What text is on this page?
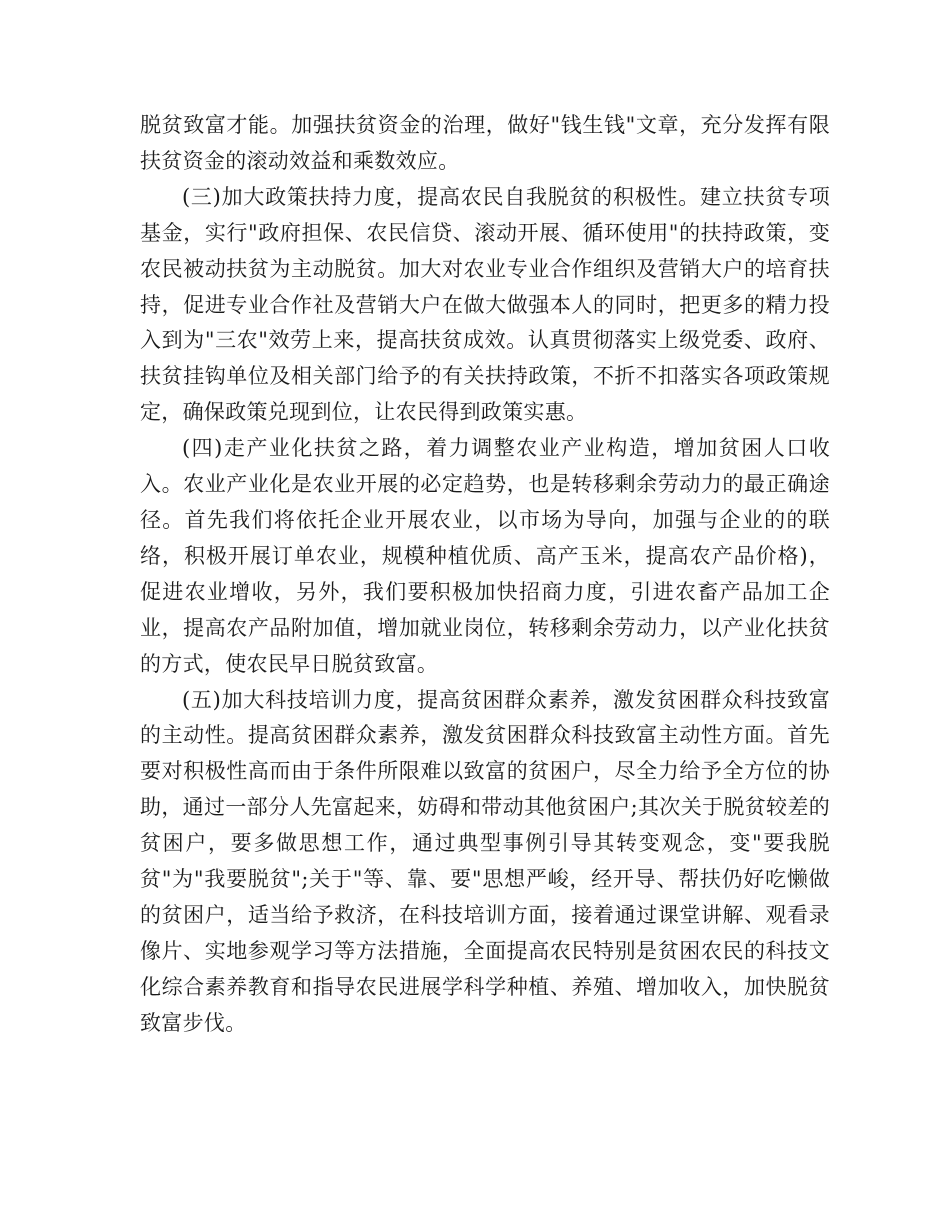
脱贫致富才能。加强扶贫资金的治理，做好"钱生钱"文章，充分发挥有限扶贫资金的滚动效益和乘数效应。

(三)加大政策扶持力度，提高农民自我脱贫的积极性。建立扶贫专项基金，实行"政府担保、农民信贷、滚动开展、循环使用"的扶持政策，变农民被动扶贫为主动脱贫。加大对农业专业合作组织及营销大户的培育扶持，促进专业合作社及营销大户在做大做强本人的同时，把更多的精力投入到为"三农"效劳上来，提高扶贫成效。认真贯彻落实上级党委、政府、扶贫挂钩单位及相关部门给予的有关扶持政策，不折不扣落实各项政策规定，确保政策兑现到位，让农民得到政策实惠。

(四)走产业化扶贫之路，着力调整农业产业构造，增加贫困人口收入。农业产业化是农业开展的必定趋势，也是转移剩余劳动力的最正确途径。首先我们将依托企业开展农业，以市场为导向，加强与企业的的联络，积极开展订单农业，规模种植优质、高产玉米，提高农产品价格)，促进农业增收，另外，我们要积极加快招商力度，引进农畜产品加工企业，提高农产品附加值，增加就业岗位，转移剩余劳动力，以产业化扶贫的方式，使农民早日脱贫致富。

(五)加大科技培训力度，提高贫困群众素养，激发贫困群众科技致富的主动性。提高贫困群众素养，激发贫困群众科技致富主动性方面。首先要对积极性高而由于条件所限难以致富的贫困户，尽全力给予全方位的协助，通过一部分人先富起来，妨碍和带动其他贫困户;其次关于脱贫较差的贫困户，要多做思想工作，通过典型事例引导其转变观念，变"要我脱贫"为"我要脱贫";关于"等、靠、要"思想严峻，经开导、帮扶仍好吃懒做的贫困户，适当给予救济，在科技培训方面，接着通过课堂讲解、观看录像片、实地参观学习等方法措施，全面提高农民特别是贫困农民的科技文化综合素养教育和指导农民进展学科学种植、养殖、增加收入，加快脱贫致富步伐。
